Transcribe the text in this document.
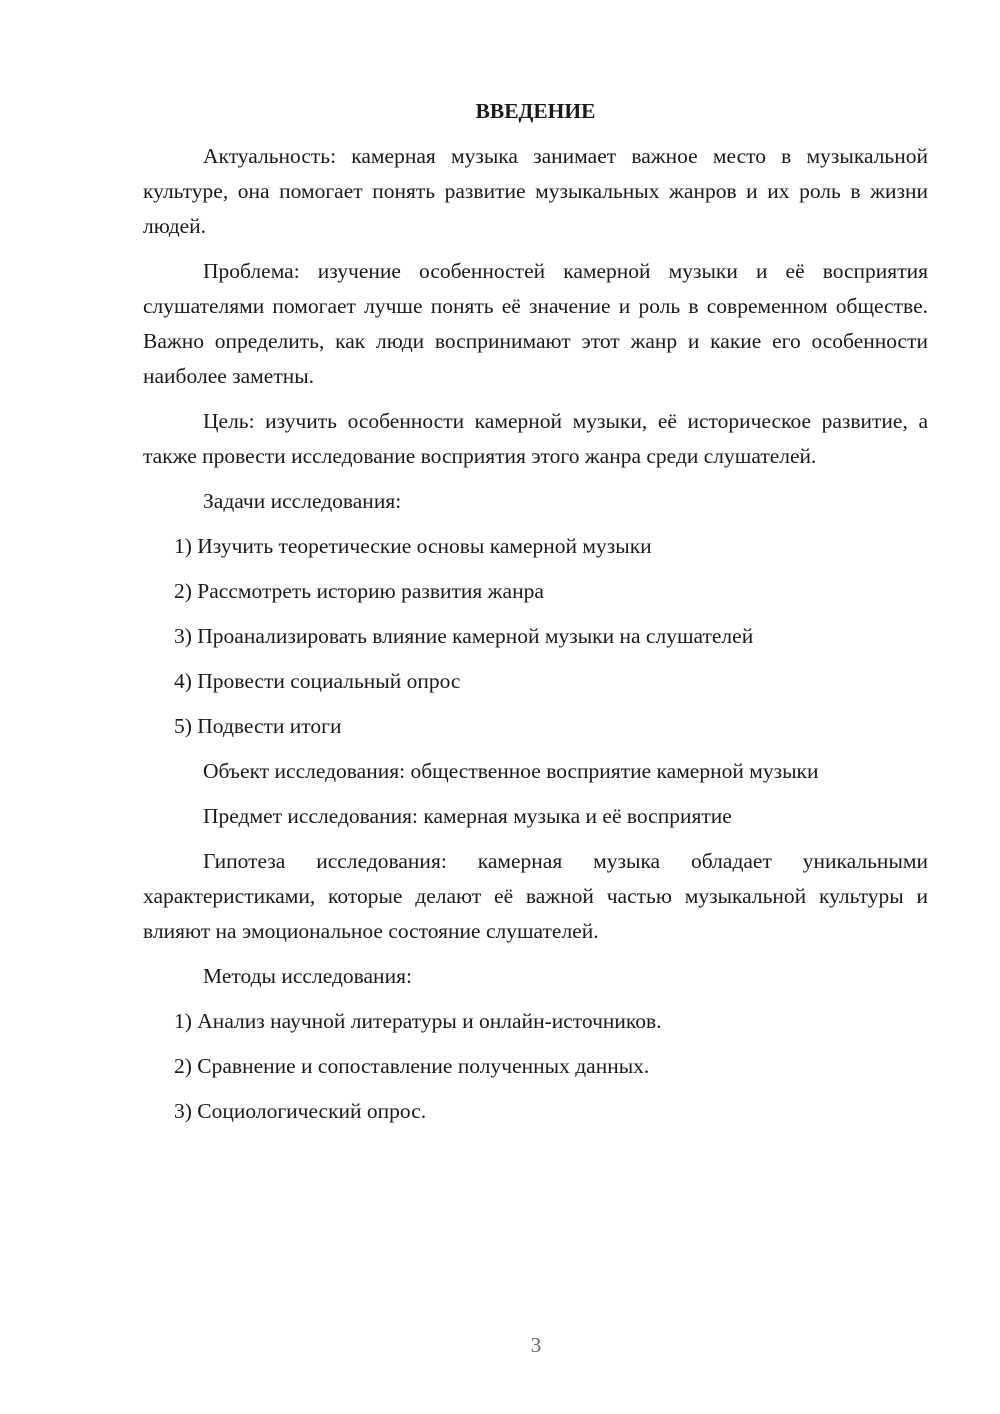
ВВЕДЕНИЕ

Актуальность: камерная музыка занимает важное место в музыкальной культуре, она помогает понять развитие музыкальных жанров и их роль в жизни людей.

Проблема: изучение особенностей камерной музыки и её восприятия слушателями помогает лучше понять её значение и роль в современном обществе. Важно определить, как люди воспринимают этот жанр и какие его особенности наиболее заметны.

Цель: изучить особенности камерной музыки, её историческое развитие, а также провести исследование восприятия этого жанра среди слушателей.

Задачи исследования:
1) Изучить теоретические основы камерной музыки
2) Рассмотреть историю развития жанра
3) Проанализировать влияние камерной музыки на слушателей
4) Провести социальный опрос
5) Подвести итоги
Объект исследования: общественное восприятие камерной музыки
Предмет исследования: камерная музыка и её восприятие

Гипотеза исследования: камерная музыка обладает уникальными характеристиками, которые делают её важной частью музыкальной культуры и влияют на эмоциональное состояние слушателей.

Методы исследования:
1) Анализ научной литературы и онлайн-источников.
2) Сравнение и сопоставление полученных данных.
3) Социологический опрос.
3
